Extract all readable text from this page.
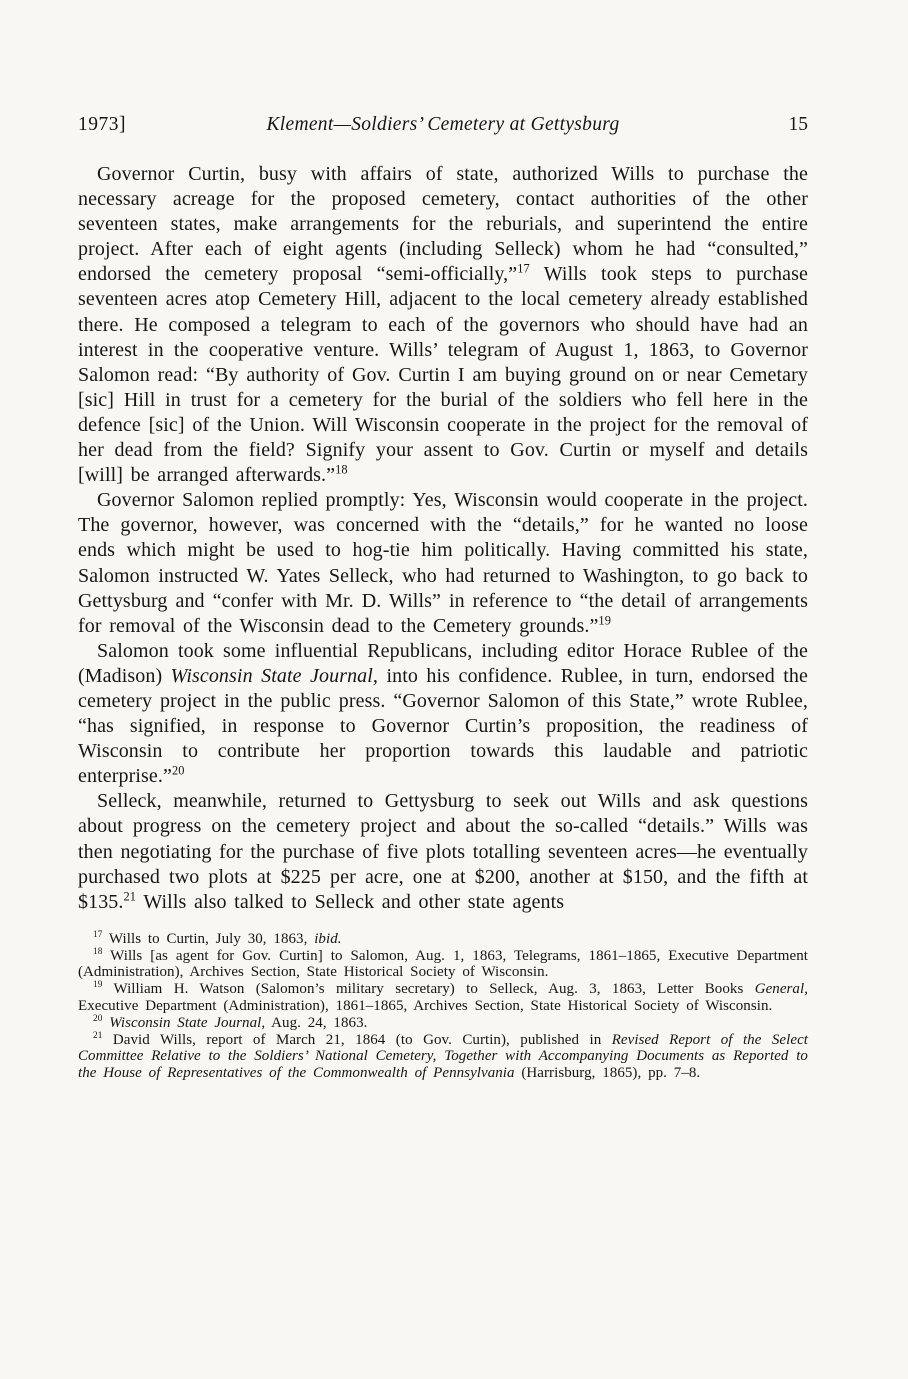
1973]	Klement—Soldiers’ Cemetery at Gettysburg	15

Governor Curtin, busy with affairs of state, authorized Wills to purchase the necessary acreage for the proposed cemetery, contact authorities of the other seventeen states, make arrangements for the reburials, and superintend the entire project. After each of eight agents (including Selleck) whom he had “consulted,” endorsed the cemetery proposal “semi-officially,”$^{17}$ Wills took steps to purchase seventeen acres atop Cemetery Hill, adjacent to the local cemetery already established there. He composed a telegram to each of the governors who should have had an interest in the cooperative venture. Wills’ telegram of August 1, 1863, to Governor Salomon read: “By authority of Gov. Curtin I am buying ground on or near Cemetary [sic] Hill in trust for a cemetery for the burial of the soldiers who fell here in the defence [sic] of the Union. Will Wisconsin cooperate in the project for the removal of her dead from the field? Signify your assent to Gov. Curtin or myself and details [will] be arranged afterwards.”$^{18}$

Governor Salomon replied promptly: Yes, Wisconsin would cooperate in the project. The governor, however, was concerned with the “details,” for he wanted no loose ends which might be used to hog-tie him politically. Having committed his state, Salomon instructed W. Yates Selleck, who had returned to Washington, to go back to Gettysburg and “confer with Mr. D. Wills” in reference to “the detail of arrangements for removal of the Wisconsin dead to the Cemetery grounds.”$^{19}$

Salomon took some influential Republicans, including editor Horace Rublee of the (Madison) Wisconsin State Journal, into his confidence. Rublee, in turn, endorsed the cemetery project in the public press. “Governor Salomon of this State,” wrote Rublee, “has signified, in response to Governor Curtin’s proposition, the readiness of Wisconsin to contribute her proportion towards this laudable and patriotic enterprise.”$^{20}$

Selleck, meanwhile, returned to Gettysburg to seek out Wills and ask questions about progress on the cemetery project and about the so-called “details.” Wills was then negotiating for the purchase of five plots totalling seventeen acres—he eventually purchased two plots at $225 per acre, one at $200, another at $150, and the fifth at $135.21 Wills also talked to Selleck and other state agents

$^{17}$ Wills to Curtin, July 30, 1863, ibid.

$^{18}$ Wills [as agent for Gov. Curtin] to Salomon, Aug. 1, 1863, Telegrams, 1861–1865, Executive Department (Administration), Archives Section, State Historical Society of Wisconsin.

$^{19}$ William H. Watson (Salomon’s military secretary) to Selleck, Aug. 3, 1863, Letter Books General, Executive Department (Administration), 1861–1865, Archives Section, State Historical Society of Wisconsin.

$^{20}$ Wisconsin State Journal, Aug. 24, 1863.

$^{21}$ David Wills, report of March 21, 1864 (to Gov. Curtin), published in Revised Report of the Select Committee Relative to the Soldiers’ National Cemetery, Together with Accompanying Documents as Reported to the House of Representatives of the Commonwealth of Pennsylvania (Harrisburg, 1865), pp. 7–8.
